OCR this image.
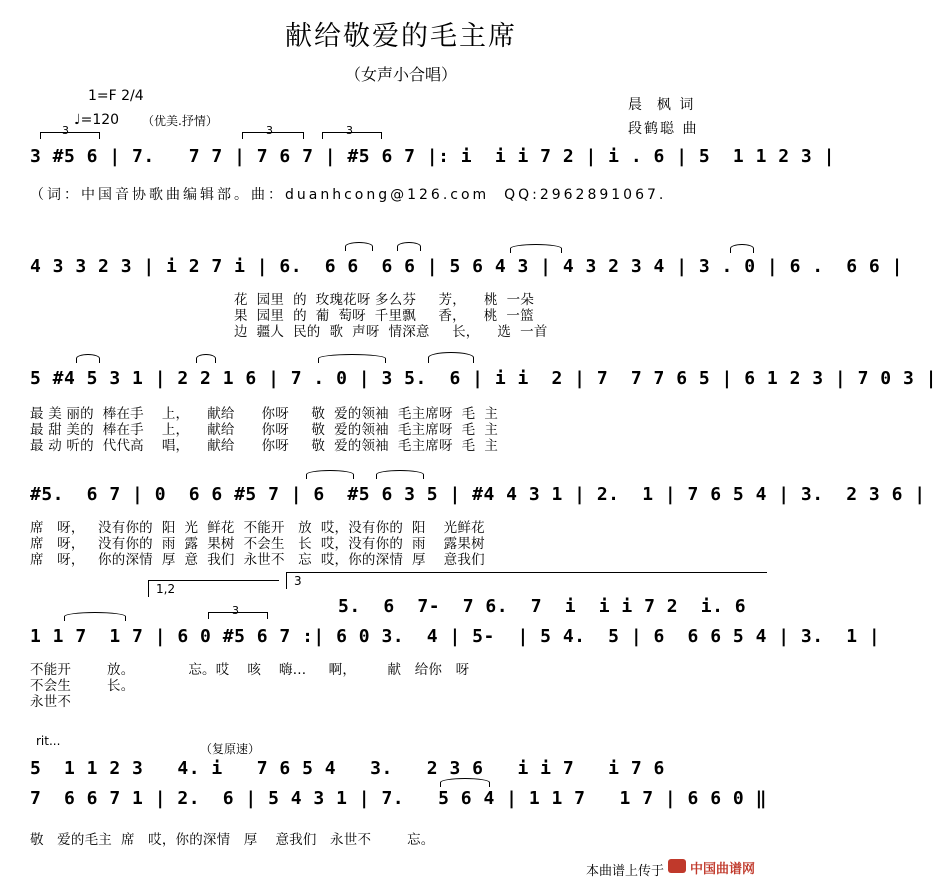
献给敬爱的毛主席
（女声小合唱）
1=F 2/4
♩=120 （优美.抒情）
晨  枫 词
段鹤聪 曲
3	3	3
3 #5 6 | 7.   7 7 | 7 6 7 | #5 6 7 |: i  i i 7 2 | i . 6 | 5  1 1 2 3 |
（词：中国音协歌曲编辑部。曲：duanhcong@126.com  QQ:2962891067.
4 3 3 2 3 | i 2 7 i | 6.  6 6  6 6 | 5 6 4 3 | 4 3 2 3 4 | 3 . 0 | 6 .  6 6 |
花  园里  的  玫瑰花呀 多么芬     芳，    桃  一朵
果  园里  的  葡  萄呀  千里飘     香，    桃  一篮
边  疆人  民的  歌  声呀  情深意     长，    选  一首
5 #4 5 3 1 | 2 2 1 6 | 7 . 0 | 3 5.  6 | i i  2 | 7  7 7 6 5 | 6 1 2 3 | 7 0 3 |
最 美 丽的  棒在手    上，    献给      你呀     敬  爱的领袖  毛主席呀  毛  主
最 甜 美的  棒在手    上，    献给      你呀     敬  爱的领袖  毛主席呀  毛  主
最 动 听的  代代高    唱，    献给      你呀     敬  爱的领袖  毛主席呀  毛  主
#5.  6 7 | 0  6 6 #5 7 | 6  #5 6 3 5 | #4 4 3 1 | 2.  1 | 7 6 5 4 | 3.  2 3 6 |
席   呀，   没有你的  阳  光  鲜花  不能开   放  哎，没有你的  阳    光鲜花
席   呀，   没有你的  雨  露  果树  不会生   长  哎，没有你的  雨    露果树
席   呀，   你的深情  厚  意  我们  永世不   忘  哎，你的深情  厚    意我们
1,2
3
5.  6  7-  7 6.  7  i  i i 7 2  i. 6
3
1 1 7  1 7 | 6 0 #5 6 7 :| 6 0 3.  4 | 5-  | 5 4.  5 | 6  6 6 5 4 | 3.  1 |
不能开        放。            忘。哎    咳    嗨...     啊，       献   给你   呀
不会生        长。
永世不
rit...
（复原速）
5  1 1 2 3   4. i   7 6 5 4   3.   2 3 6   i i 7   i 7 6
7  6 6 7 1 | 2.  6 | 5 4 3 1 | 7.   5 6 4 | 1 1 7   1 7 | 6 6 0 ‖
敬   爱的毛主  席   哎，你的深情   厚    意我们   永世不        忘。
本曲谱上传于 中国曲谱网
